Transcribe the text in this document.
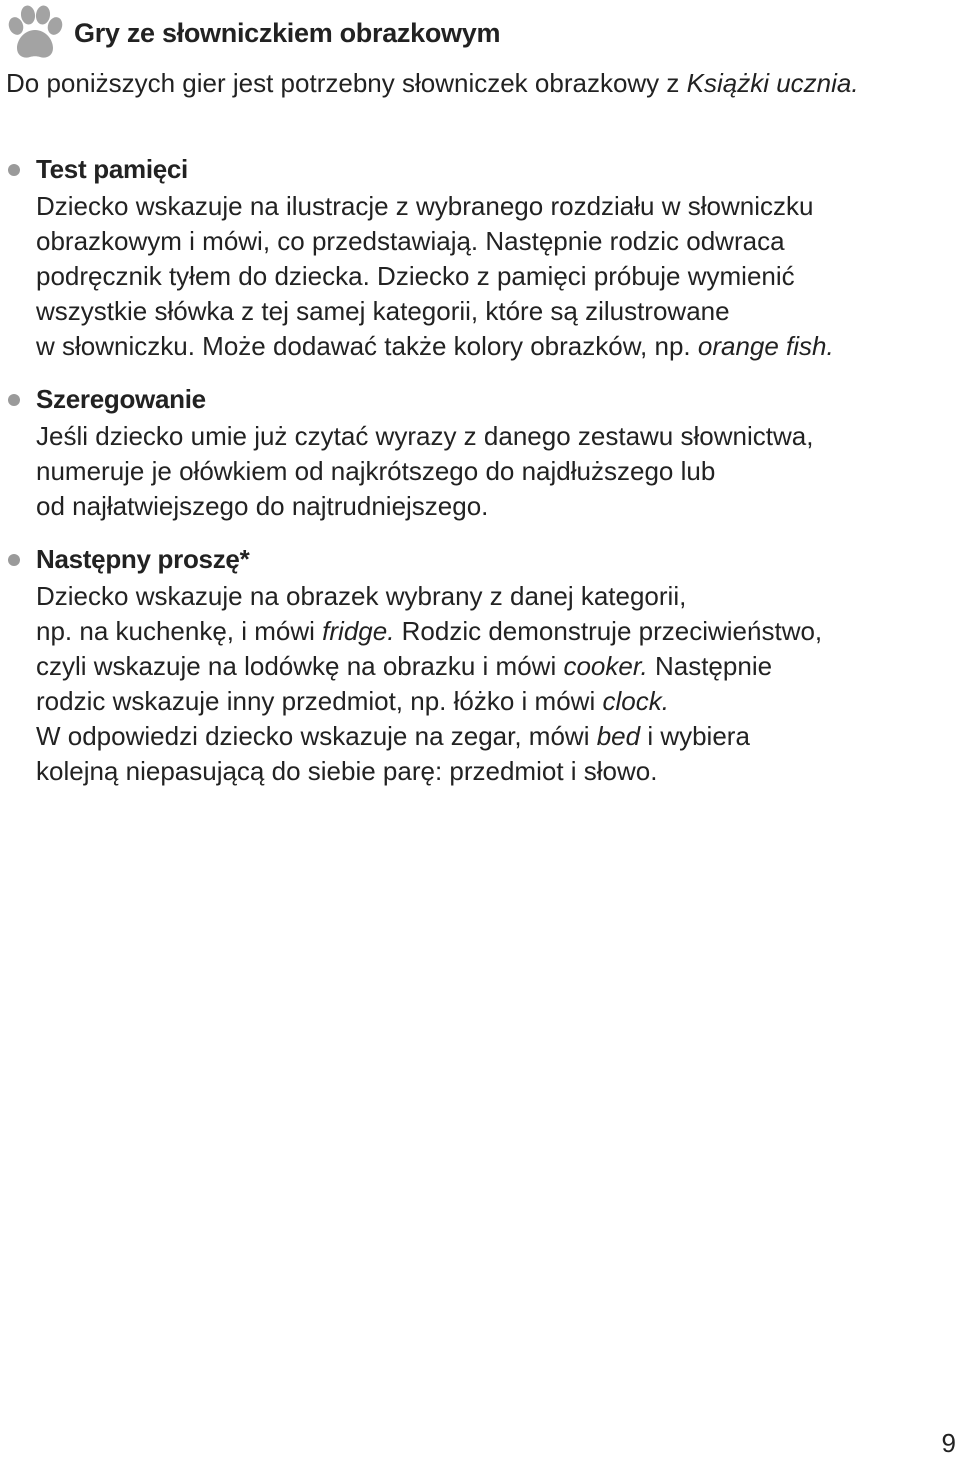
Gry ze słowniczkiem obrazkowym

Do poniższych gier jest potrzebny słowniczek obrazkowy z Książki ucznia.

Test pamięci

Dziecko wskazuje na ilustracje z wybranego rozdziału w słowniczku
obrazkowym i mówi, co przedstawiają. Następnie rodzic odwraca
podręcznik tyłem do dziecka. Dziecko z pamięci próbuje wymienić
wszystkie słówka z tej samej kategorii, które są zilustrowane
w słowniczku. Może dodawać także kolory obrazków, np. orange fish.

Szeregowanie

Jeśli dziecko umie już czytać wyrazy z danego zestawu słownictwa,
numeruje je ołówkiem od najkrótszego do najdłuższego lub
od najłatwiejszego do najtrudniejszego.

Następny proszę*

Dziecko wskazuje na obrazek wybrany z danej kategorii,
np. na kuchenkę, i mówi fridge. Rodzic demonstruje przeciwieństwo,
czyli wskazuje na lodówkę na obrazku i mówi cooker. Następnie
rodzic wskazuje inny przedmiot, np. łóżko i mówi clock.
W odpowiedzi dziecko wskazuje na zegar, mówi bed i wybiera
kolejną niepasującą do siebie parę: przedmiot i słowo.

9
